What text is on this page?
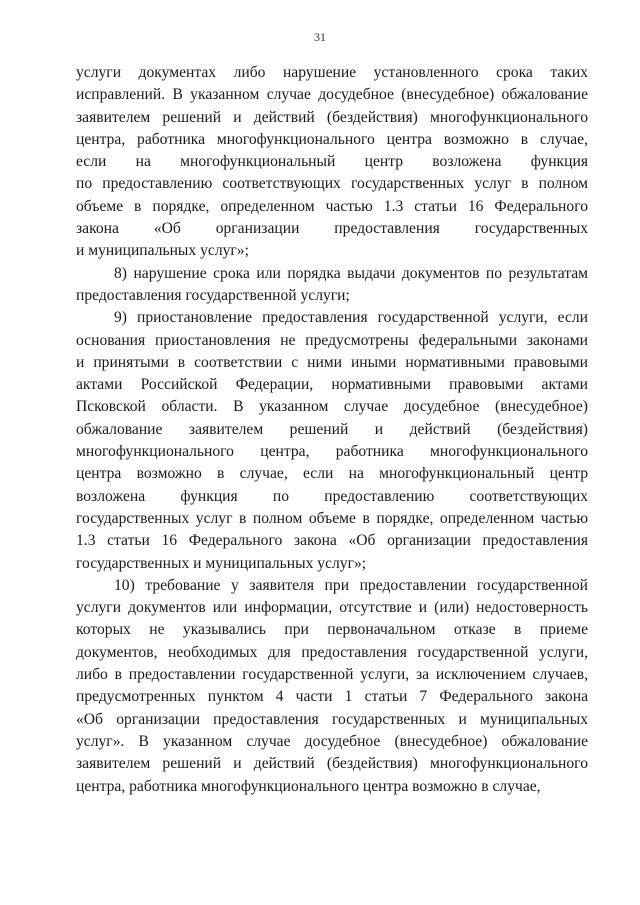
31
услуги документах либо нарушение установленного срока таких
исправлений. В указанном случае досудебное (внесудебное) обжалование
заявителем решений и действий (бездействия) многофункционального
центра, работника многофункционального центра возможно в случае,
если на многофункциональный центр возложена функция
по предоставлению соответствующих государственных услуг в полном
объеме в порядке, определенном частью 1.3 статьи 16 Федерального
закона «Об организации предоставления государственных
и муниципальных услуг»;
8) нарушение срока или порядка выдачи документов по результатам
предоставления государственной услуги;
9) приостановление предоставления государственной услуги, если
основания приостановления не предусмотрены федеральными законами
и принятыми в соответствии с ними иными нормативными правовыми
актами Российской Федерации, нормативными правовыми актами
Псковской области. В указанном случае досудебное (внесудебное)
обжалование заявителем решений и действий (бездействия)
многофункционального центра, работника многофункционального
центра возможно в случае, если на многофункциональный центр
возложена функция по предоставлению соответствующих
государственных услуг в полном объеме в порядке, определенном частью
1.3 статьи 16 Федерального закона «Об организации предоставления
государственных и муниципальных услуг»;
10) требование у заявителя при предоставлении государственной
услуги документов или информации, отсутствие и (или) недостоверность
которых не указывались при первоначальном отказе в приеме
документов, необходимых для предоставления государственной услуги,
либо в предоставлении государственной услуги, за исключением случаев,
предусмотренных пунктом 4 части 1 статьи 7 Федерального закона
«Об организации предоставления государственных и муниципальных
услуг». В указанном случае досудебное (внесудебное) обжалование
заявителем решений и действий (бездействия) многофункционального
центра, работника многофункционального центра возможно в случае,
